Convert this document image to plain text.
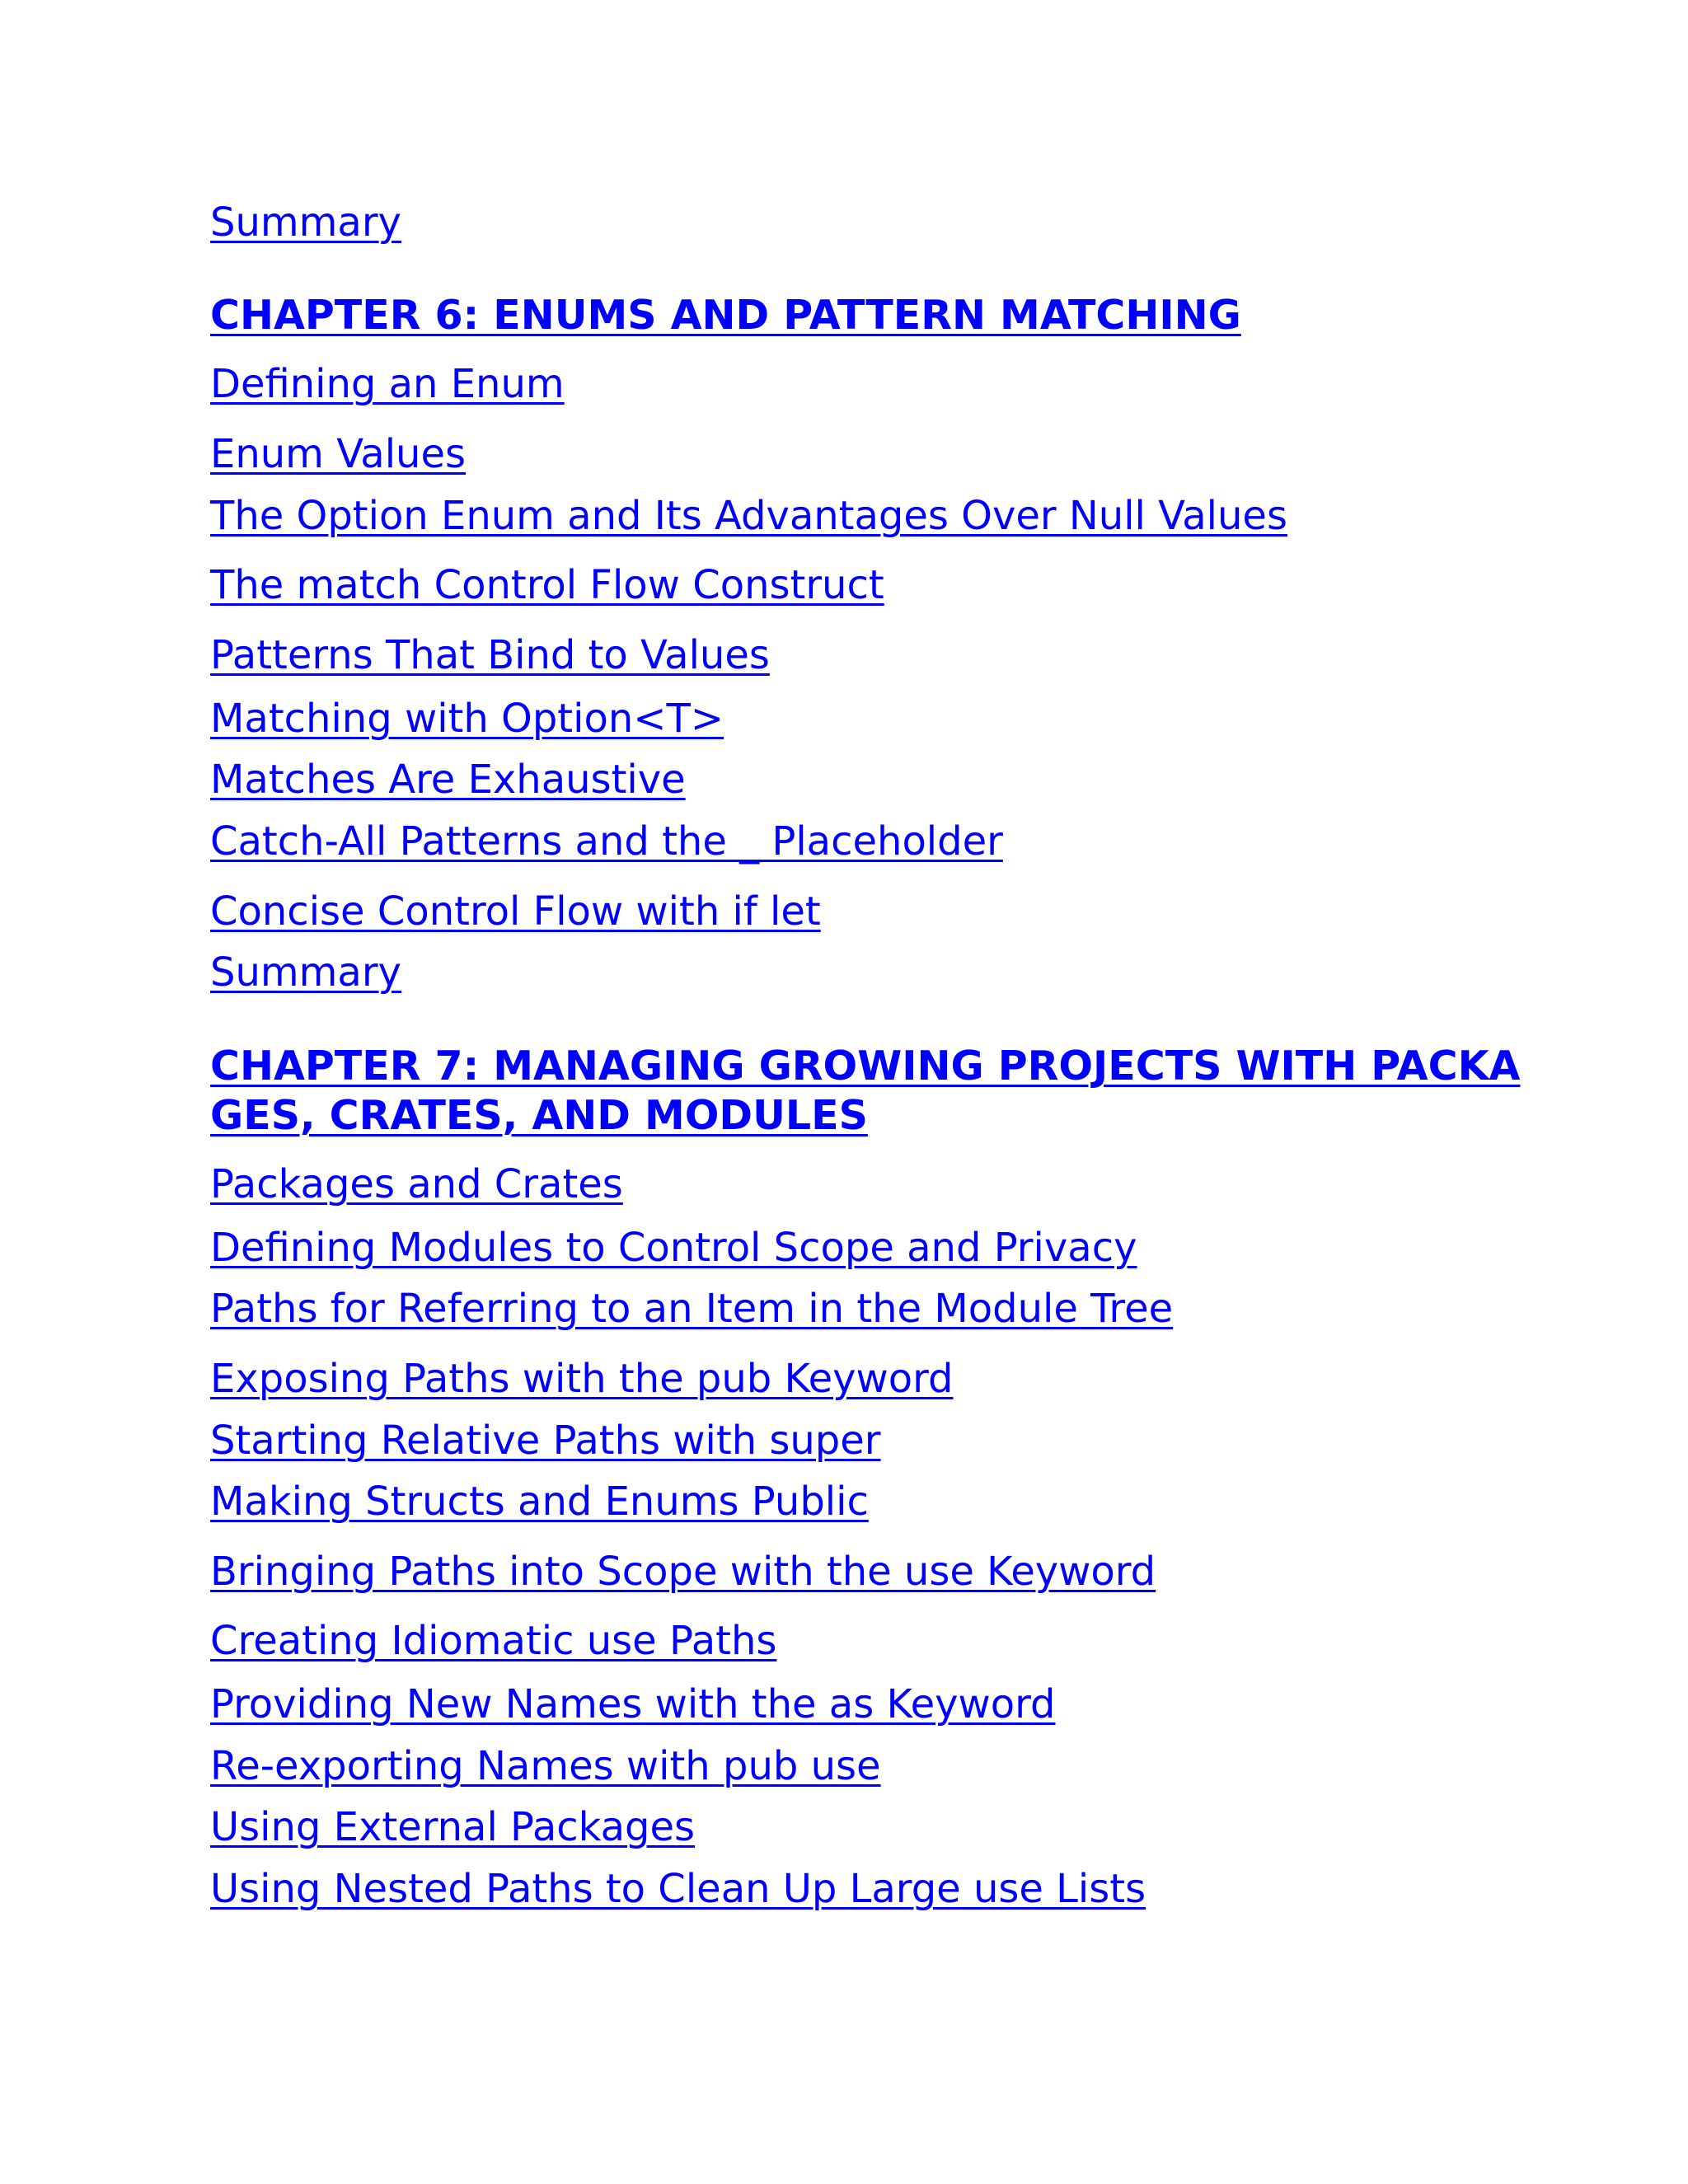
Summary
CHAPTER 6: ENUMS AND PATTERN MATCHING
Defining an Enum
Enum Values
The Option Enum and Its Advantages Over Null Values
The match Control Flow Construct
Patterns That Bind to Values
Matching with Option<T>
Matches Are Exhaustive
Catch-All Patterns and the _ Placeholder
Concise Control Flow with if let
Summary
CHAPTER 7: MANAGING GROWING PROJECTS WITH PACKA
GES, CRATES, AND MODULES
Packages and Crates
Defining Modules to Control Scope and Privacy
Paths for Referring to an Item in the Module Tree
Exposing Paths with the pub Keyword
Starting Relative Paths with super
Making Structs and Enums Public
Bringing Paths into Scope with the use Keyword
Creating Idiomatic use Paths
Providing New Names with the as Keyword
Re-exporting Names with pub use
Using External Packages
Using Nested Paths to Clean Up Large use Lists
